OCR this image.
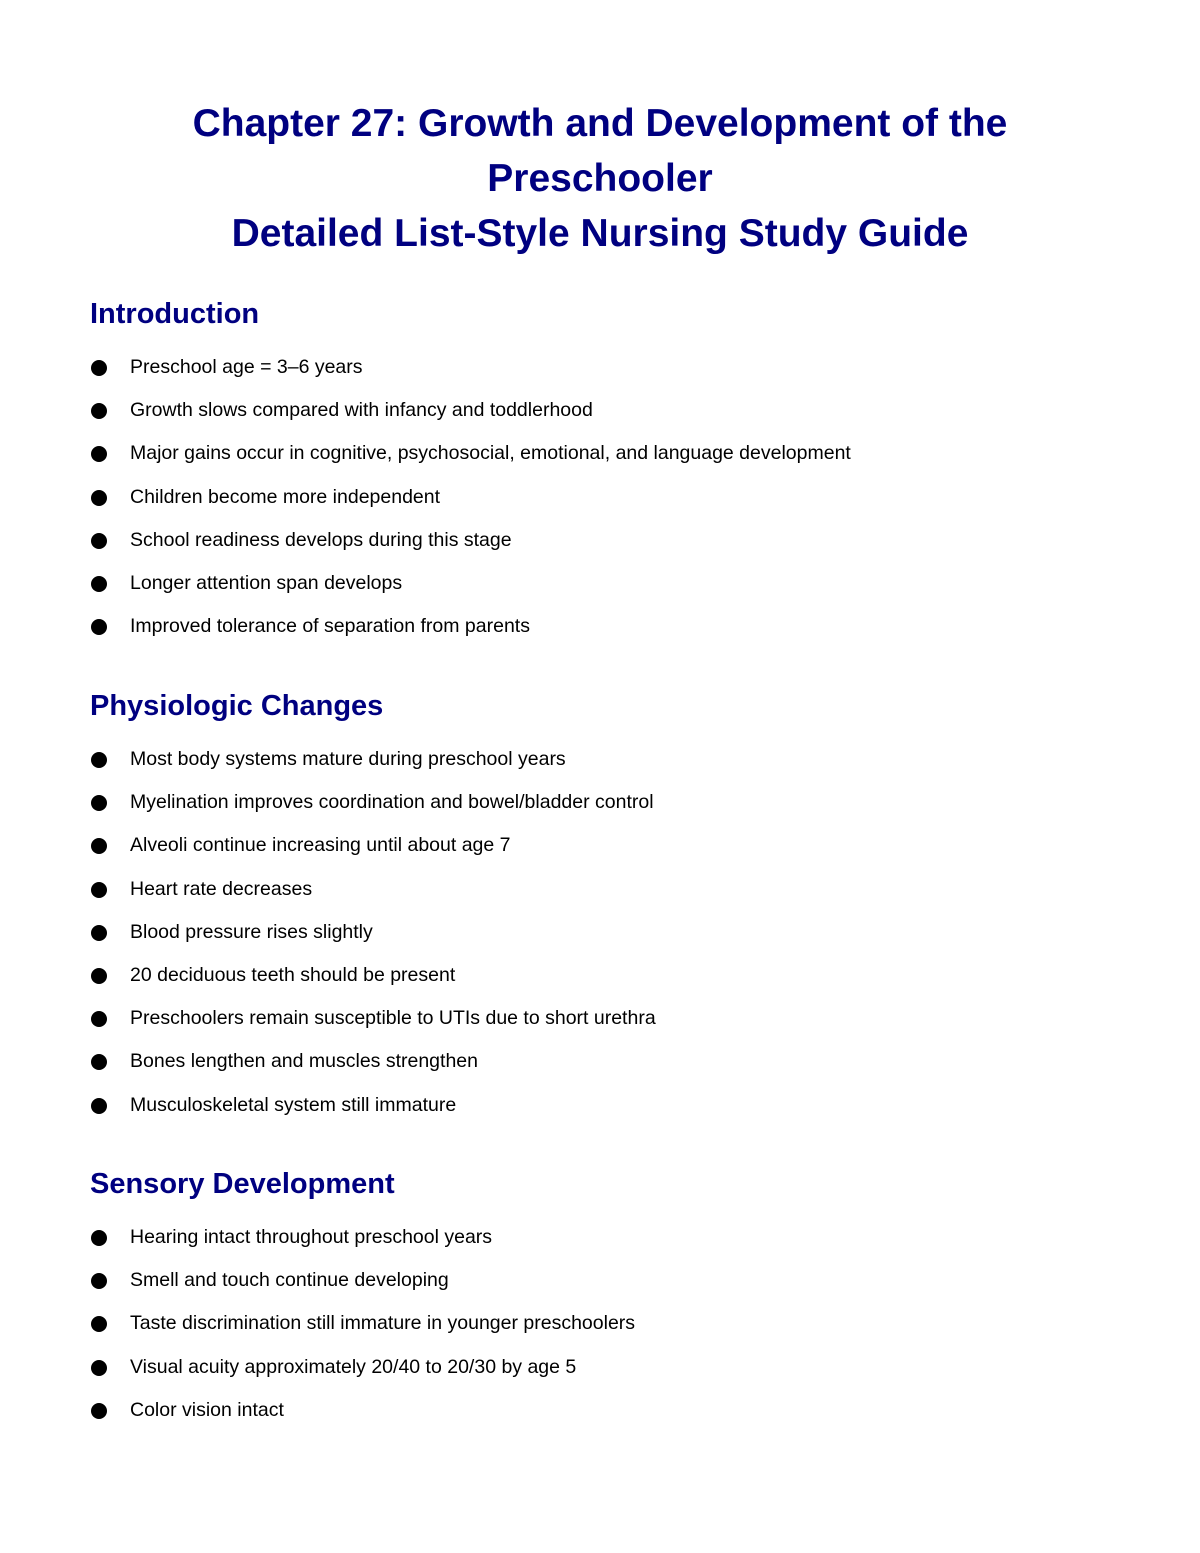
Chapter 27: Growth and Development of the
Preschooler
Detailed List-Style Nursing Study Guide
Introduction
Preschool age = 3–6 years
Growth slows compared with infancy and toddlerhood
Major gains occur in cognitive, psychosocial, emotional, and language development
Children become more independent
School readiness develops during this stage
Longer attention span develops
Improved tolerance of separation from parents
Physiologic Changes
Most body systems mature during preschool years
Myelination improves coordination and bowel/bladder control
Alveoli continue increasing until about age 7
Heart rate decreases
Blood pressure rises slightly
20 deciduous teeth should be present
Preschoolers remain susceptible to UTIs due to short urethra
Bones lengthen and muscles strengthen
Musculoskeletal system still immature
Sensory Development
Hearing intact throughout preschool years
Smell and touch continue developing
Taste discrimination still immature in younger preschoolers
Visual acuity approximately 20/40 to 20/30 by age 5
Color vision intact
